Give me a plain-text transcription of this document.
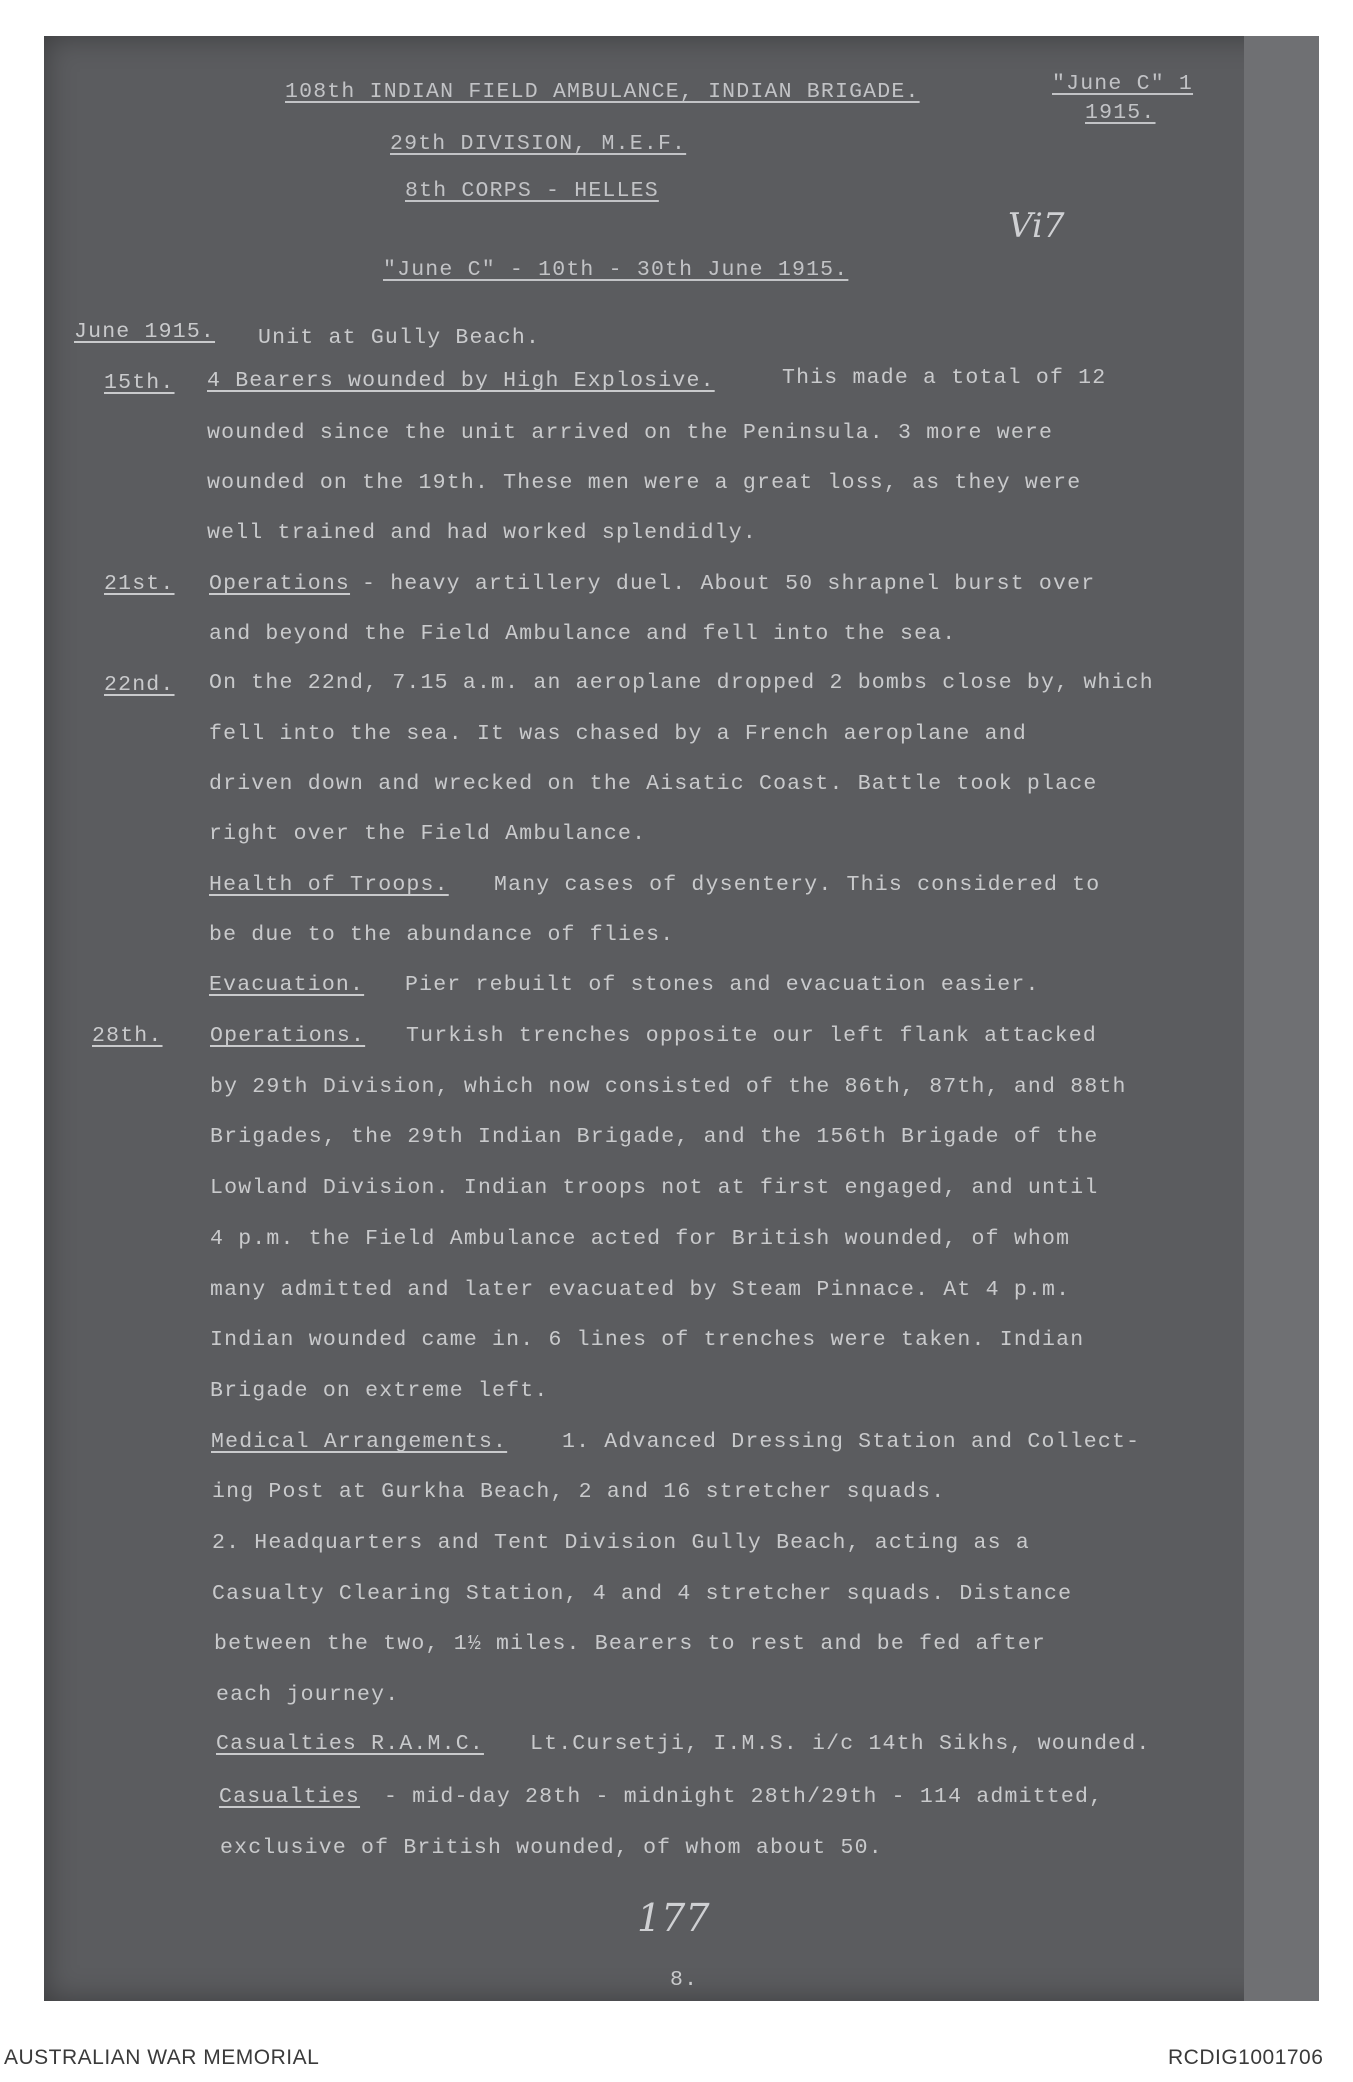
108th INDIAN FIELD AMBULANCE, INDIAN BRIGADE.	"June C" 1
1915.
29th DIVISION, M.E.F.
8th CORPS - HELLES
Vi7
"June C" - 10th - 30th June 1915.
June 1915. Unit at Gully Beach.
15th. 4 Bearers wounded by High Explosive.	This made a total of 12
wounded since the unit arrived on the Peninsula. 3 more were
wounded on the 19th. These men were a great loss, as they were
well trained and had worked splendidly.
21st. Operations - heavy artillery duel. About 50 shrapnel burst over
and beyond the Field Ambulance and fell into the sea.
22nd. On the 22nd, 7.15 a.m. an aeroplane dropped 2 bombs close by, which
fell into the sea. It was chased by a French aeroplane and
driven down and wrecked on the Aisatic Coast. Battle took place
right over the Field Ambulance.
Health of Troops. Many cases of dysentery. This considered to
be due to the abundance of flies.
Evacuation. Pier rebuilt of stones and evacuation easier.
28th. Operations. Turkish trenches opposite our left flank attacked
by 29th Division, which now consisted of the 86th, 87th, and 88th
Brigades, the 29th Indian Brigade, and the 156th Brigade of the
Lowland Division. Indian troops not at first engaged, and until
4 p.m. the Field Ambulance acted for British wounded, of whom
many admitted and later evacuated by Steam Pinnace. At 4 p.m.
Indian wounded came in. 6 lines of trenches were taken. Indian
Brigade on extreme left.
Medical Arrangements.	1. Advanced Dressing Station and Collect-
ing Post at Gurkha Beach, 2 and 16 stretcher squads.
2. Headquarters and Tent Division Gully Beach, acting as a
Casualty Clearing Station, 4 and 4 stretcher squads. Distance
between the two, 1½ miles. Bearers to rest and be fed after
each journey.
Casualties R.A.M.C. Lt.Cursetji, I.M.S. i/c 14th Sikhs, wounded.
Casualties - mid-day 28th - midnight 28th/29th - 114 admitted,
exclusive of British wounded, of whom about 50.
177
8.
AUSTRALIAN WAR MEMORIAL	RCDIG1001706
